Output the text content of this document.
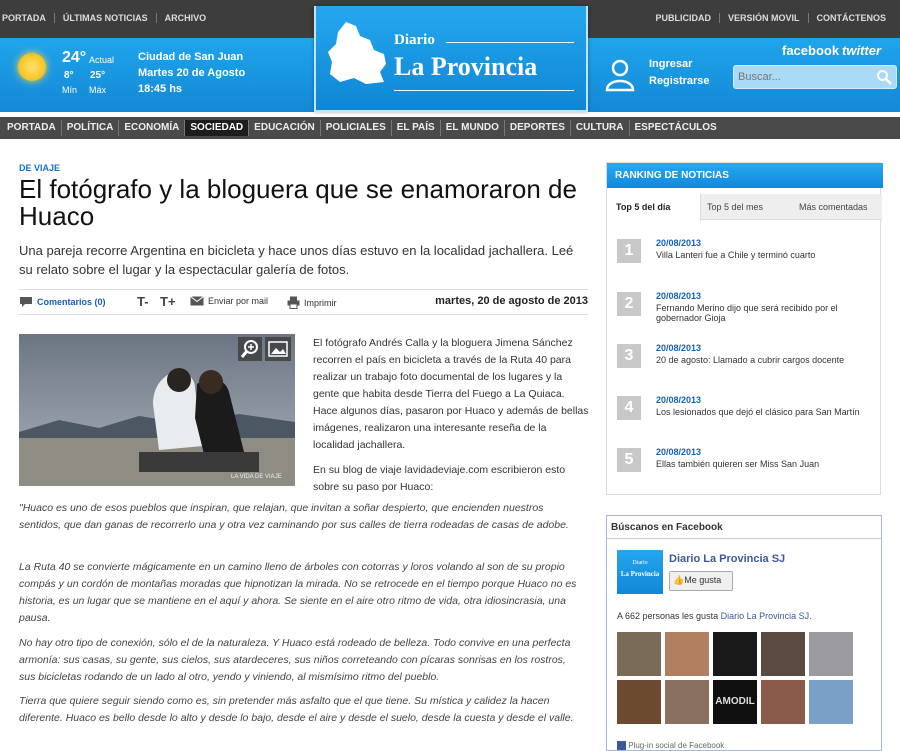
PORTADA	ÚLTIMAS NOTICIAS	ARCHIVO	PUBLICIDAD	VERSIÓN MOVIL	CONTÁCTENOS
24° Actual
8° 25°
Mín Máx
Ciudad de San Juan
Martes 20 de Agosto
18:45 hs
Diario
La Provincia	Ingresar
Registrarse
facebook twitter
Buscar...
PORTADA	POLÍTICA	ECONOMÍA	SOCIEDAD	EDUCACIÓN	POLICIALES	EL PAÍS	EL MUNDO	DEPORTES	CULTURA	ESPECTÁCULOS
DE VIAJE
El fotógrafo y la bloguera que se enamoraron de Huaco
Una pareja recorre Argentina en bicicleta y hace unos días estuvo en la localidad jachallera. Leé su relato sobre el lugar y la espectacular galería de fotos.
Comentarios (0) T- T+	Enviar por mail	Imprimir	martes, 20 de agosto de 2013
LA VIDA DE VIAJE

El fotógrafo Andrés Calla y la bloguera Jimena Sánchez recorren el país en bicicleta a través de la Ruta 40 para realizar un trabajo foto documental de los lugares y la gente que habita desde Tierra del Fuego a La Quiaca. Hace algunos días, pasaron por Huaco y además de bellas imágenes, realizaron una interesante reseña de la localidad jachallera.

En su blog de viaje lavidadeviaje.com escribieron esto sobre su paso por Huaco:

"Huaco es uno de esos pueblos que inspiran, que relajan, que invitan a soñar despierto, que encienden nuestros sentidos, que dan ganas de recorrerlo una y otra vez caminando por sus calles de tierra rodeadas de casas de adobe.

La Ruta 40 se convierte mágicamente en un camino lleno de árboles con cotorras y loros volando al son de su propio compás y un cordón de montañas moradas que hipnotizan la mirada. No se retrocede en el tiempo porque Huaco no es historia, es un lugar que se mantiene en el aquí y ahora. Se siente en el aire otro ritmo de vida, otra idiosincrasia, una pausa.

No hay otro tipo de conexión, sólo el de la naturaleza. Y Huaco está rodeado de belleza. Todo convive en una perfecta armonía: sus casas, su gente, sus cielos, sus atardeceres, sus niños correteando con pícaras sonrisas en los rostros, sus bicicletas rodando de un lado al otro, yendo y viniendo, al mismísimo ritmo del pueblo.

Tierra que quiere seguir siendo como es, sin pretender más asfalto que el que tiene. Su mística y calidez la hacen diferente. Huaco es bello desde lo alto y desde lo bajo, desde el aire y desde el suelo, desde la cuesta y desde el valle.

RANKING DE NOTICIAS
Top 5 del día	Top 5 del mes	Más comentadas
1	20/08/2013
Villa Lanteri fue a Chile y terminó cuarto
2	20/08/2013
Fernando Merino dijo que será recibido por el gobernador Gioja
3	20/08/2013
20 de agosto: Llamado a cubrir cargos docente
4	20/08/2013
Los lesionados que dejó el clásico para San Martín
5	20/08/2013
Ellas también quieren ser Miss San Juan
Búscanos en Facebook
Diario
La Provincia
Diario La Provincia SJ
👍Me gusta
A 662 personas les gusta Diario La Provincia SJ.
AMODIL
Plug-in social de Facebook
